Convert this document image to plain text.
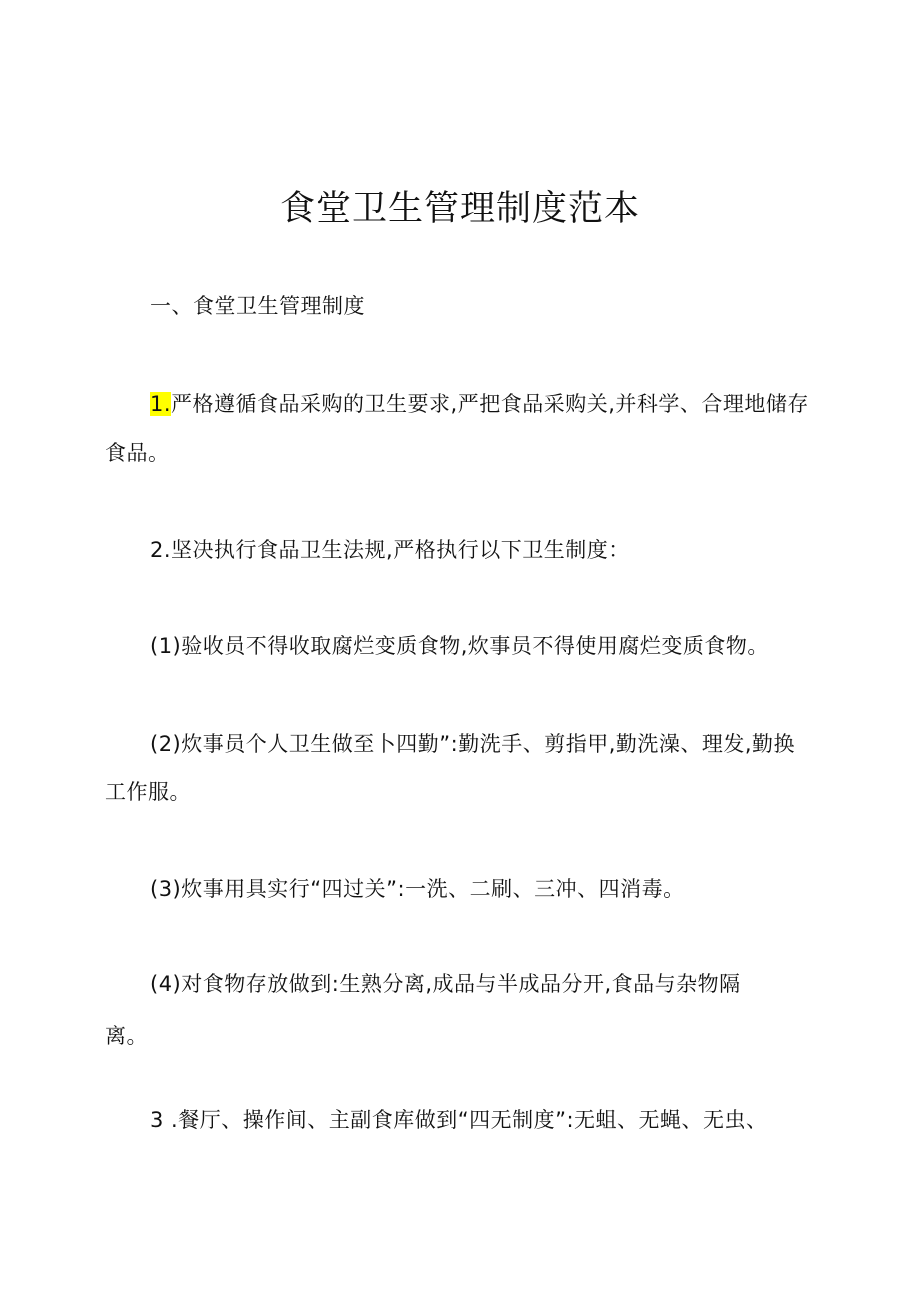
食堂卫生管理制度范本

一、食堂卫生管理制度

1.严格遵循食品采购的卫生要求,严把食品采购关,并科学、合理地储存

食品。

2.坚决执行食品卫生法规,严格执行以下卫生制度：

(1)验收员不得收取腐烂变质食物,炊事员不得使用腐烂变质食物。

(2)炊事员个人卫生做至卜四勤”:勤洗手、剪指甲,勤洗澡、理发,勤换

工作服。

(3)炊事用具实行“四过关”:一洗、二刷、三冲、四消毒。

(4)对食物存放做到:生熟分离,成品与半成品分开,食品与杂物隔

离。

3 .餐厅、操作间、主副食库做到“四无制度”:无蛆、无蝇、无虫、
